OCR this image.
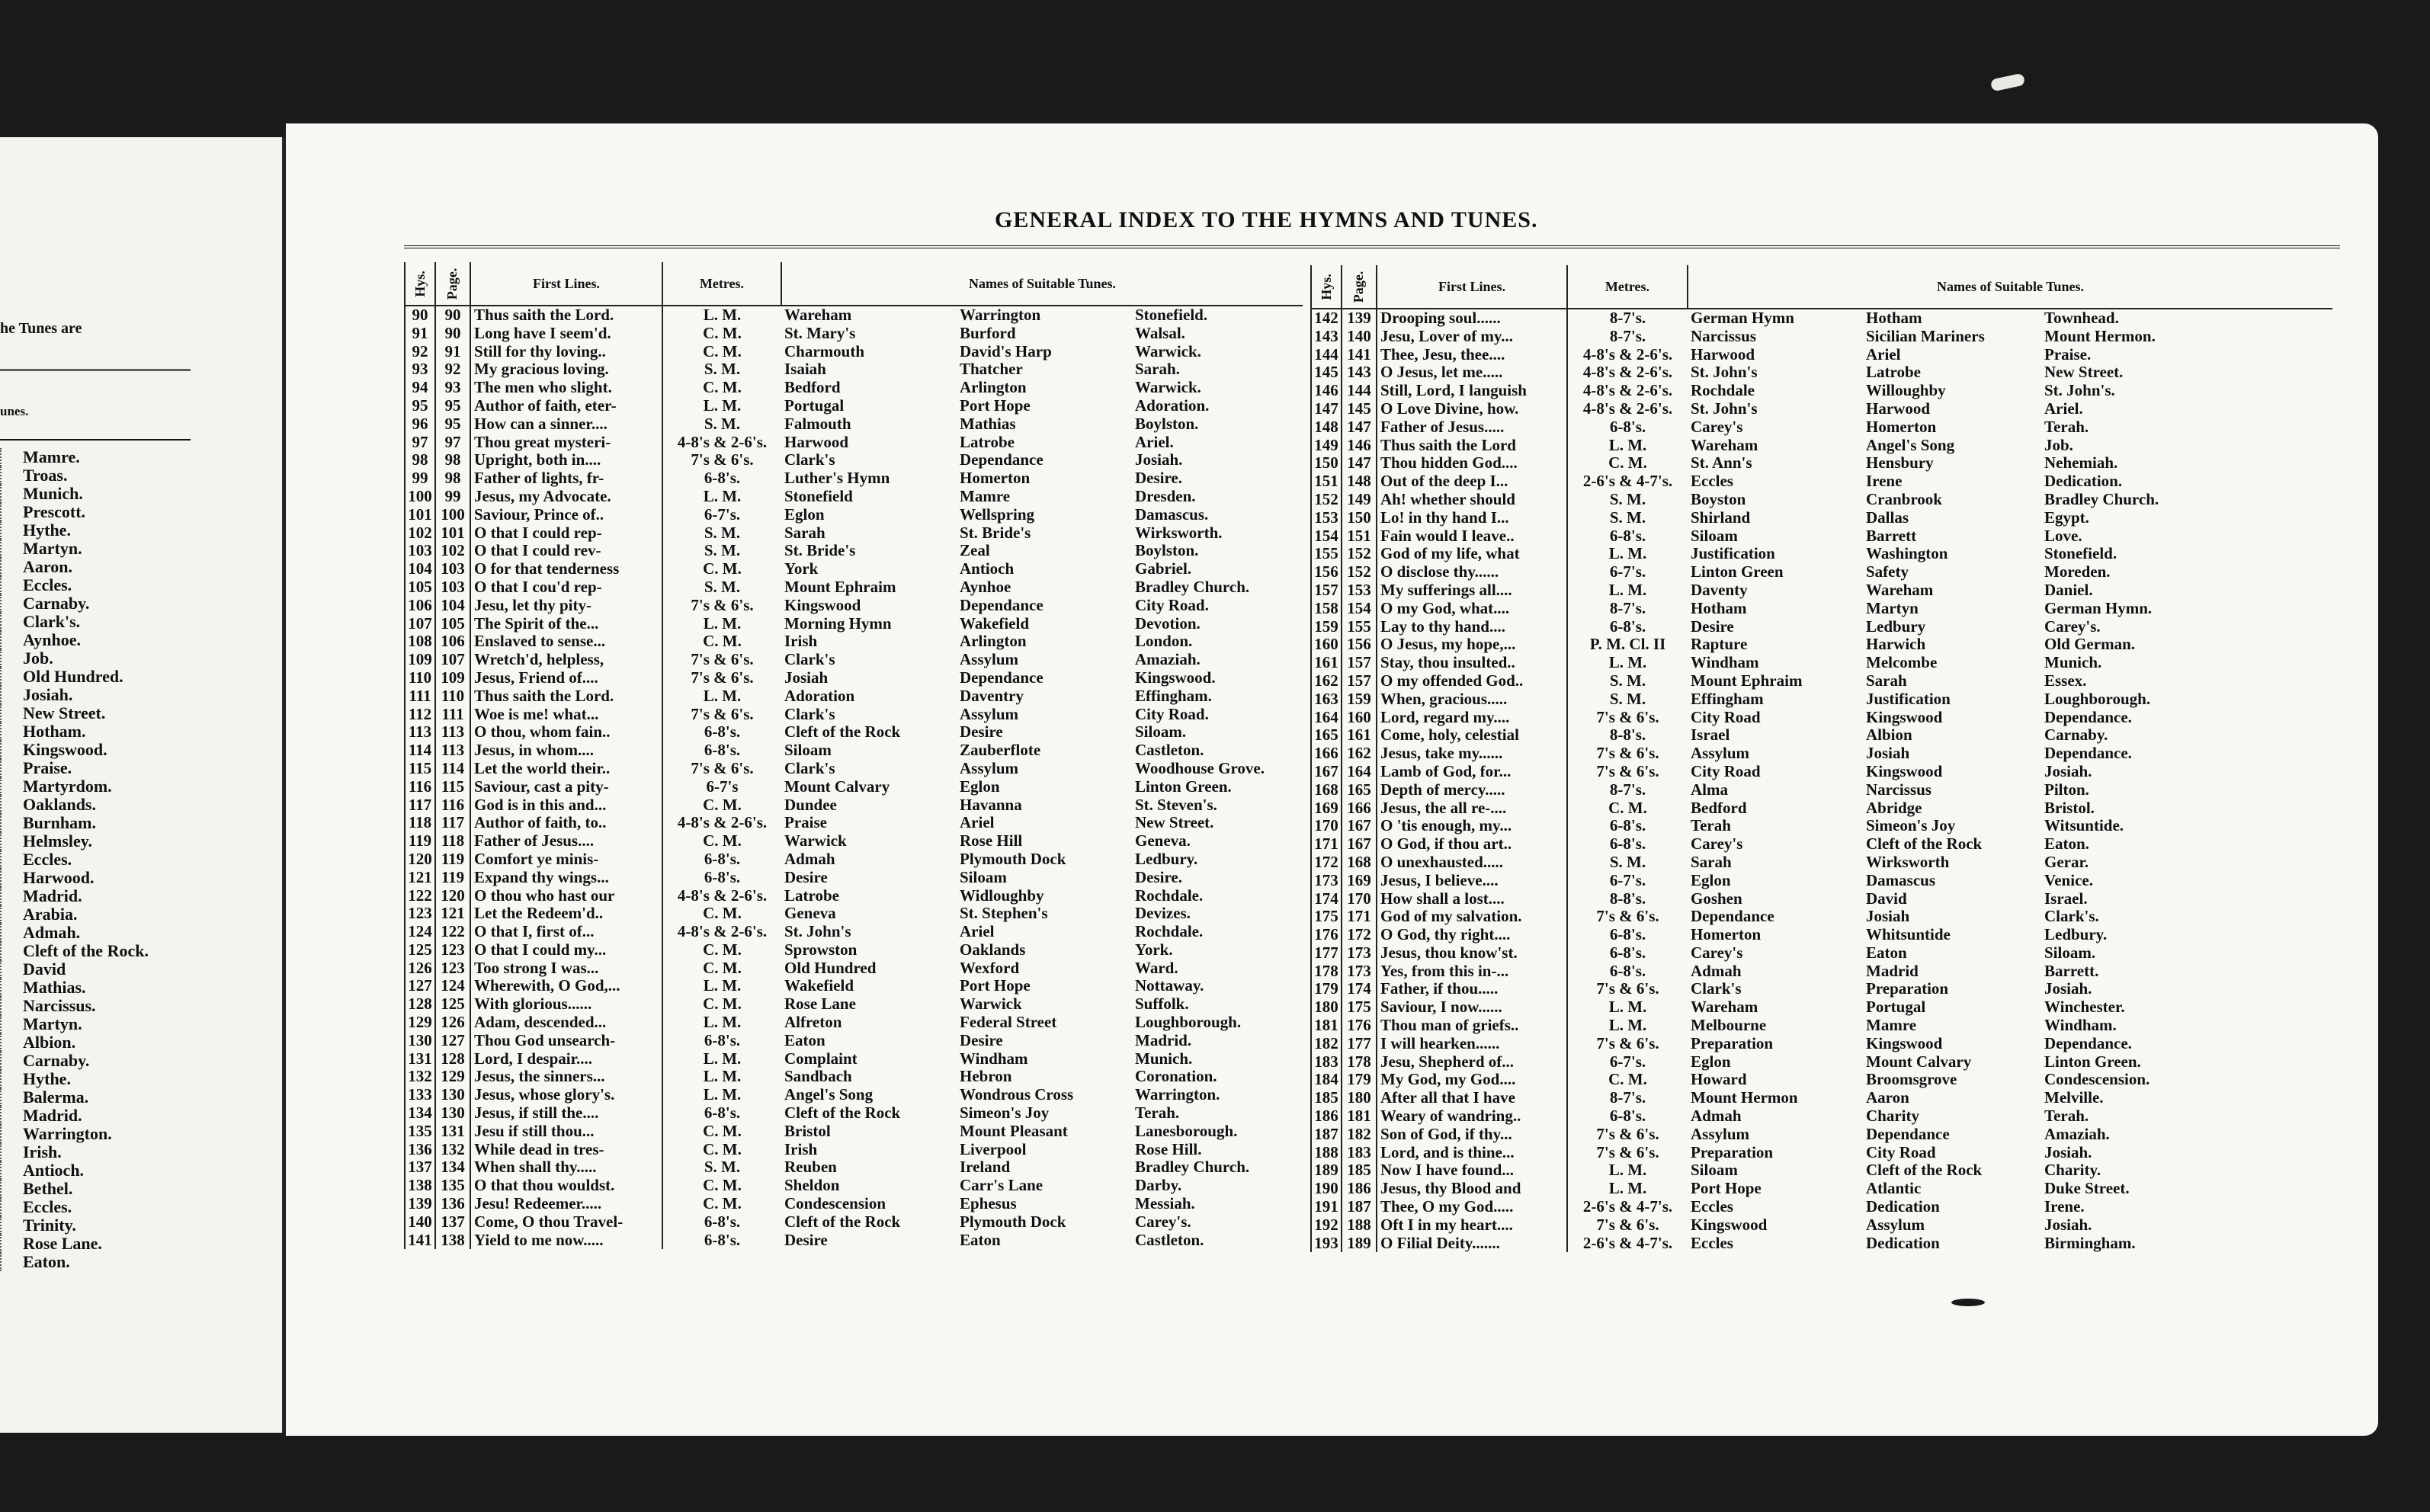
he Tunes are
unes.
Mamre.
Troas.
Munich.
Prescott.
Hythe.
Martyn.
Aaron.
Eccles.
Carnaby.
Clark's.
Aynhoe.
Job.
Old Hundred.
Josiah.
New Street.
Hotham.
Kingswood.
Praise.
Martyrdom.
Oaklands.
Burnham.
Helmsley.
Eccles.
Harwood.
Madrid.
Arabia.
Admah.
Cleft of the Rock.
David
Mathias.
Narcissus.
Martyn.
Albion.
Carnaby.
Hythe.
Balerma.
Madrid.
Warrington.
Irish.
Antioch.
Bethel.
Eccles.
Trinity.
Rose Lane.
Eaton.
GENERAL INDEX TO THE HYMNS AND TUNES.
Hys.	Page.	First Lines.	Metres.	Names of Suitable Tunes.		
90	90	Thus saith the Lord.	L. M.	Wareham	Warrington	Stonefield.
91	90	Long have I seem'd.	C. M.	St. Mary's	Burford	Walsal.
92	91	Still for thy loving..	C. M.	Charmouth	David's Harp	Warwick.
93	92	My gracious loving.	S. M.	Isaiah	Thatcher	Sarah.
94	93	The men who slight.	C. M.	Bedford	Arlington	Warwick.
95	95	Author of faith, eter-	L. M.	Portugal	Port Hope	Adoration.
96	95	How can a sinner....	S. M.	Falmouth	Mathias	Boylston.
97	97	Thou great mysteri-	4-8's & 2-6's.	Harwood	Latrobe	Ariel.
98	98	Upright, both in....	7's & 6's.	Clark's	Dependance	Josiah.
99	98	Father of lights, fr-	6-8's.	Luther's Hymn	Homerton	Desire.
100	99	Jesus, my Advocate.	L. M.	Stonefield	Mamre	Dresden.
101	100	Saviour, Prince of..	6-7's.	Eglon	Wellspring	Damascus.
102	101	O that I could rep-	S. M.	Sarah	St. Bride's	Wirksworth.
103	102	O that I could rev-	S. M.	St. Bride's	Zeal	Boylston.
104	103	O for that tenderness	C. M.	York	Antioch	Gabriel.
105	103	O that I cou'd rep-	S. M.	Mount Ephraim	Aynhoe	Bradley Church.
106	104	Jesu, let thy pity-	7's & 6's.	Kingswood	Dependance	City Road.
107	105	The Spirit of the...	L. M.	Morning Hymn	Wakefield	Devotion.
108	106	Enslaved to sense...	C. M.	Irish	Arlington	London.
109	107	Wretch'd, helpless,	7's & 6's.	Clark's	Assylum	Amaziah.
110	109	Jesus, Friend of....	7's & 6's.	Josiah	Dependance	Kingswood.
111	110	Thus saith the Lord.	L. M.	Adoration	Daventry	Effingham.
112	111	Woe is me! what...	7's & 6's.	Clark's	Assylum	City Road.
113	113	O thou, whom fain..	6-8's.	Cleft of the Rock	Desire	Siloam.
114	113	Jesus, in whom....	6-8's.	Siloam	Zauberflote	Castleton.
115	114	Let the world their..	7's & 6's.	Clark's	Assylum	Woodhouse Grove.
116	115	Saviour, cast a pity-	6-7's	Mount Calvary	Eglon	Linton Green.
117	116	God is in this and...	C. M.	Dundee	Havanna	St. Steven's.
118	117	Author of faith, to..	4-8's & 2-6's.	Praise	Ariel	New Street.
119	118	Father of Jesus....	C. M.	Warwick	Rose Hill	Geneva.
120	119	Comfort ye minis-	6-8's.	Admah	Plymouth Dock	Ledbury.
121	119	Expand thy wings...	6-8's.	Desire	Siloam	Desire.
122	120	O thou who hast our	4-8's & 2-6's.	Latrobe	Widloughby	Rochdale.
123	121	Let the Redeem'd..	C. M.	Geneva	St. Stephen's	Devizes.
124	122	O that I, first of...	4-8's & 2-6's.	St. John's	Ariel	Rochdale.
125	123	O that I could my...	C. M.	Sprowston	Oaklands	York.
126	123	Too strong I was...	C. M.	Old Hundred	Wexford	Ward.
127	124	Wherewith, O God,...	L. M.	Wakefield	Port Hope	Nottaway.
128	125	With glorious......	C. M.	Rose Lane	Warwick	Suffolk.
129	126	Adam, descended...	L. M.	Alfreton	Federal Street	Loughborough.
130	127	Thou God unsearch-	6-8's.	Eaton	Desire	Madrid.
131	128	Lord, I despair....	L. M.	Complaint	Windham	Munich.
132	129	Jesus, the sinners...	L. M.	Sandbach	Hebron	Coronation.
133	130	Jesus, whose glory's.	L. M.	Angel's Song	Wondrous Cross	Warrington.
134	130	Jesus, if still the....	6-8's.	Cleft of the Rock	Simeon's Joy	Terah.
135	131	Jesu if still thou...	C. M.	Bristol	Mount Pleasant	Lanesborough.
136	132	While dead in tres-	C. M.	Irish	Liverpool	Rose Hill.
137	134	When shall thy.....	S. M.	Reuben	Ireland	Bradley Church.
138	135	O that thou wouldst.	C. M.	Sheldon	Carr's Lane	Darby.
139	136	Jesu! Redeemer.....	C. M.	Condescension	Ephesus	Messiah.
140	137	Come, O thou Travel-	6-8's.	Cleft of the Rock	Plymouth Dock	Carey's.
141	138	Yield to me now.....	6-8's.	Desire	Eaton	Castleton.
Hys.	Page.	First Lines.	Metres.	Names of Suitable Tunes.		
142	139	Drooping soul......	8-7's.	German Hymn	Hotham	Townhead.
143	140	Jesu, Lover of my...	8-7's.	Narcissus	Sicilian Mariners	Mount Hermon.
144	141	Thee, Jesu, thee....	4-8's & 2-6's.	Harwood	Ariel	Praise.
145	143	O Jesus, let me.....	4-8's & 2-6's.	St. John's	Latrobe	New Street.
146	144	Still, Lord, I languish	4-8's & 2-6's.	Rochdale	Willoughby	St. John's.
147	145	O Love Divine, how.	4-8's & 2-6's.	St. John's	Harwood	Ariel.
148	147	Father of Jesus.....	6-8's.	Carey's	Homerton	Terah.
149	146	Thus saith the Lord	L. M.	Wareham	Angel's Song	Job.
150	147	Thou hidden God....	C. M.	St. Ann's	Hensbury	Nehemiah.
151	148	Out of the deep I...	2-6's & 4-7's.	Eccles	Irene	Dedication.
152	149	Ah! whether should	S. M.	Boyston	Cranbrook	Bradley Church.
153	150	Lo! in thy hand I...	S. M.	Shirland	Dallas	Egypt.
154	151	Fain would I leave..	6-8's.	Siloam	Barrett	Love.
155	152	God of my life, what	L. M.	Justification	Washington	Stonefield.
156	152	O disclose thy......	6-7's.	Linton Green	Safety	Moreden.
157	153	My sufferings all....	L. M.	Daventy	Wareham	Daniel.
158	154	O my God, what....	8-7's.	Hotham	Martyn	German Hymn.
159	155	Lay to thy hand....	6-8's.	Desire	Ledbury	Carey's.
160	156	O Jesus, my hope,...	P. M. Cl. II	Rapture	Harwich	Old German.
161	157	Stay, thou insulted..	L. M.	Windham	Melcombe	Munich.
162	157	O my offended God..	S. M.	Mount Ephraim	Sarah	Essex.
163	159	When, gracious.....	S. M.	Effingham	Justification	Loughborough.
164	160	Lord, regard my....	7's & 6's.	City Road	Kingswood	Dependance.
165	161	Come, holy, celestial	8-8's.	Israel	Albion	Carnaby.
166	162	Jesus, take my......	7's & 6's.	Assylum	Josiah	Dependance.
167	164	Lamb of God, for...	7's & 6's.	City Road	Kingswood	Josiah.
168	165	Depth of mercy.....	8-7's.	Alma	Narcissus	Pilton.
169	166	Jesus, the all re-....	C. M.	Bedford	Abridge	Bristol.
170	167	O 'tis enough, my...	6-8's.	Terah	Simeon's Joy	Witsuntide.
171	167	O God, if thou art..	6-8's.	Carey's	Cleft of the Rock	Eaton.
172	168	O unexhausted.....	S. M.	Sarah	Wirksworth	Gerar.
173	169	Jesus, I believe....	6-7's.	Eglon	Damascus	Venice.
174	170	How shall a lost....	8-8's.	Goshen	David	Israel.
175	171	God of my salvation.	7's & 6's.	Dependance	Josiah	Clark's.
176	172	O God, thy right....	6-8's.	Homerton	Whitsuntide	Ledbury.
177	173	Jesus, thou know'st.	6-8's.	Carey's	Eaton	Siloam.
178	173	Yes, from this in-...	6-8's.	Admah	Madrid	Barrett.
179	174	Father, if thou.....	7's & 6's.	Clark's	Preparation	Josiah.
180	175	Saviour, I now......	L. M.	Wareham	Portugal	Winchester.
181	176	Thou man of griefs..	L. M.	Melbourne	Mamre	Windham.
182	177	I will hearken......	7's & 6's.	Preparation	Kingswood	Dependance.
183	178	Jesu, Shepherd of...	6-7's.	Eglon	Mount Calvary	Linton Green.
184	179	My God, my God....	C. M.	Howard	Broomsgrove	Condescension.
185	180	After all that I have	8-7's.	Mount Hermon	Aaron	Melville.
186	181	Weary of wandring..	6-8's.	Admah	Charity	Terah.
187	182	Son of God, if thy...	7's & 6's.	Assylum	Dependance	Amaziah.
188	183	Lord, and is thine...	7's & 6's.	Preparation	City Road	Josiah.
189	185	Now I have found...	L. M.	Siloam	Cleft of the Rock	Charity.
190	186	Jesus, thy Blood and	L. M.	Port Hope	Atlantic	Duke Street.
191	187	Thee, O my God.....	2-6's & 4-7's.	Eccles	Dedication	Irene.
192	188	Oft I in my heart....	7's & 6's.	Kingswood	Assylum	Josiah.
193	189	O Filial Deity.......	2-6's & 4-7's.	Eccles	Dedication	Birmingham.
